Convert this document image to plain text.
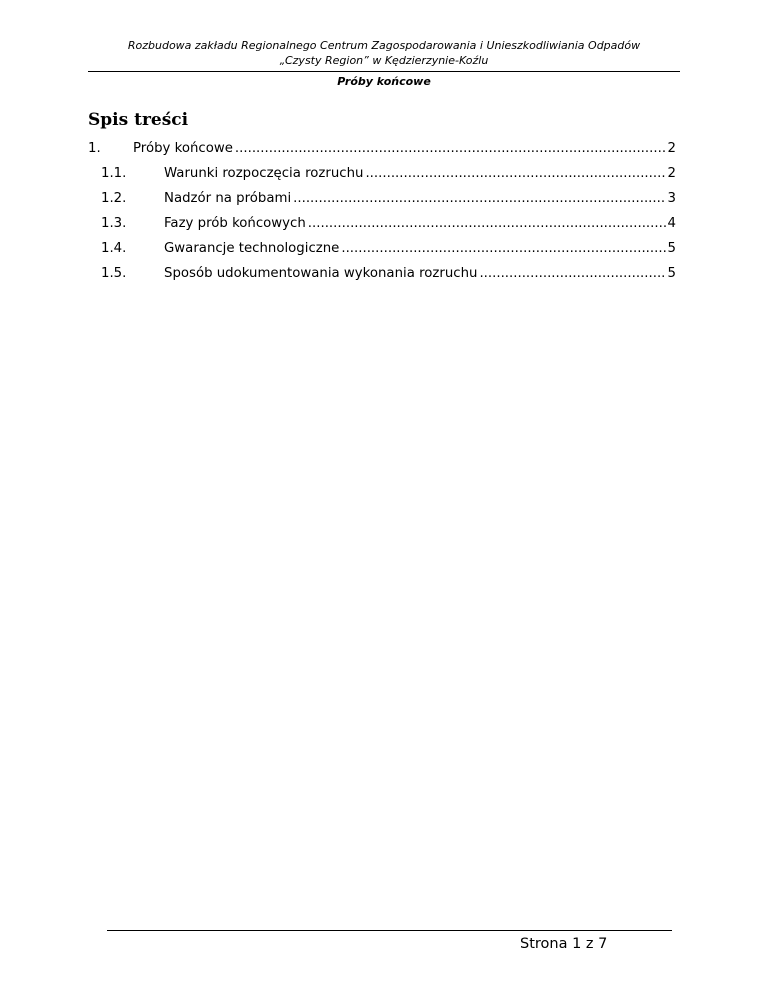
Rozbudowa zakładu Regionalnego Centrum Zagospodarowania i Unieszkodliwiania Odpadów
„Czysty Region” w Kędzierzynie-Koźlu
Próby końcowe
Spis treści
1.	Próby końcowe .....	2
1.1.	Warunki rozpoczęcia rozruchu .....	2
1.2.	Nadzór na próbami .....	3
1.3.	Fazy prób końcowych .....	4
1.4.	Gwarancje technologiczne .....	5
1.5.	Sposób udokumentowania wykonania rozruchu .....	5
Strona 1 z 7
